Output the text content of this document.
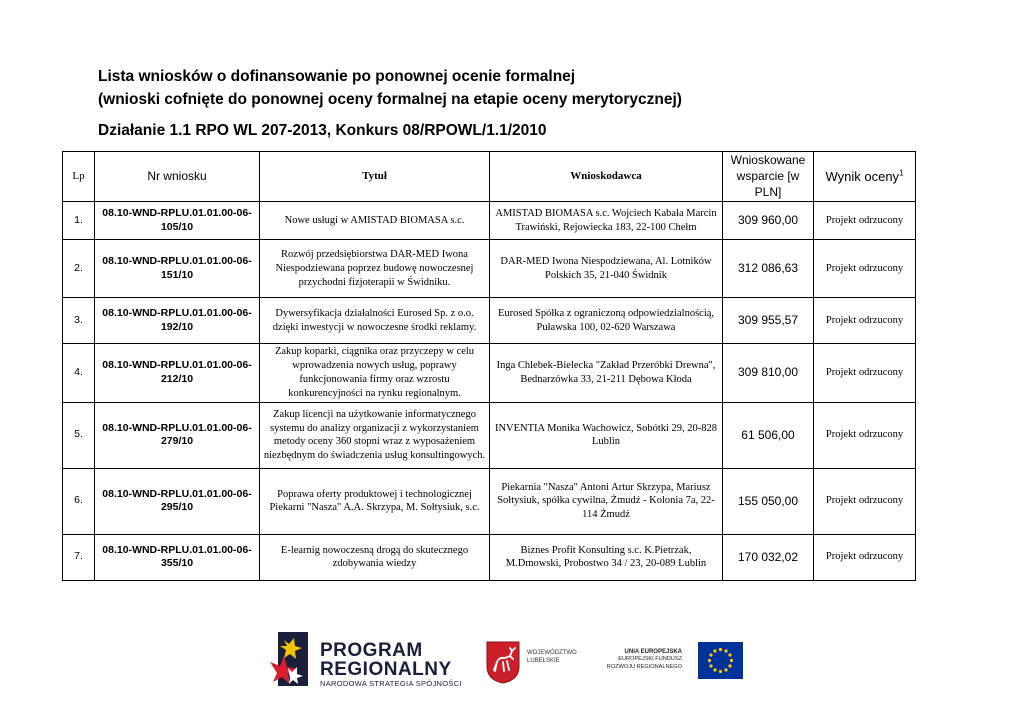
Lista wniosków o dofinansowanie po ponownej ocenie formalnej
(wnioski cofnięte do ponownej oceny formalnej na etapie oceny merytorycznej)
Działanie 1.1 RPO WL 207-2013, Konkurs 08/RPOWL/1.1/2010
Lp	Nr wniosku	Tytuł	Wnioskodawca	Wnioskowane wsparcie [w PLN]	Wynik oceny$^1$
1.	08.10-WND-RPLU.01.01.00-06-105/10	Nowe usługi w AMISTAD BIOMASA s.c.	AMISTAD BIOMASA s.c. Wojciech Kabała Marcin Trawiński, Rejowiecka 183, 22-100 Chełm	309 960,00	Projekt odrzucony
2.	08.10-WND-RPLU.01.01.00-06-151/10	Rozwój przedsiębiorstwa DAR-MED Iwona Niespodziewana poprzez budowę nowoczesnej przychodni fizjoterapii w Świdniku.	DAR-MED Iwona Niespodziewana, Al. Lotników Polskich 35, 21-040 Świdnik	312 086,63	Projekt odrzucony
3.	08.10-WND-RPLU.01.01.00-06-192/10	Dywersyfikacja działalności Eurosed Sp. z o.o. dzięki inwestycji w nowoczesne środki reklamy.	Eurosed Spółka z ograniczoną odpowiedzialnością, Puławska 100, 02-620 Warszawa	309 955,57	Projekt odrzucony
4.	08.10-WND-RPLU.01.01.00-06-212/10	Zakup koparki, ciągnika oraz przyczepy w celu wprowadzenia nowych usług, poprawy funkcjonowania firmy oraz wzrostu konkurencyjności na rynku regionalnym.	Inga Chlebek-Bielecka "Zakład Przeróbki Drewna", Bednarzówka 33, 21-211 Dębowa Kłoda	309 810,00	Projekt odrzucony
5.	08.10-WND-RPLU.01.01.00-06-279/10	Zakup licencji na użytkowanie informatycznego systemu do analizy organizacji z wykorzystaniem metody oceny 360 stopni wraz z wyposażeniem niezbędnym do świadczenia usług konsultingowych.	INVENTIA Monika Wachowicz, Sobótki 29, 20-828 Lublin	61 506,00	Projekt odrzucony
6.	08.10-WND-RPLU.01.01.00-06-295/10	Poprawa oferty produktowej i technologicznej Piekarni "Nasza" A.A. Skrzypa, M. Sołtysiuk, s.c.	Piekarnia "Nasza" Antoni Artur Skrzypa, Mariusz Sołtysiuk, spółka cywilna, Żmudź - Kolonia 7a, 22-114 Żmudź	155 050,00	Projekt odrzucony
7.	08.10-WND-RPLU.01.01.00-06-355/10	E-learnig nowoczesną drogą do skutecznego zdobywania wiedzy	Biznes Profit Konsulting s.c. K.Pietrzak, M.Dmowski, Probostwo 34 / 23, 20-089 Lublin	170 032,02	Projekt odrzucony
PROGRAM
REGIONALNY
NARODOWA STRATEGIA SPÓJNOŚCI
WOJEWÓDZTWO
LUBELSKIE
UNIA EUROPEJSKA
EUROPEJSKI FUNDUSZ
ROZWOJU REGIONALNEGO
